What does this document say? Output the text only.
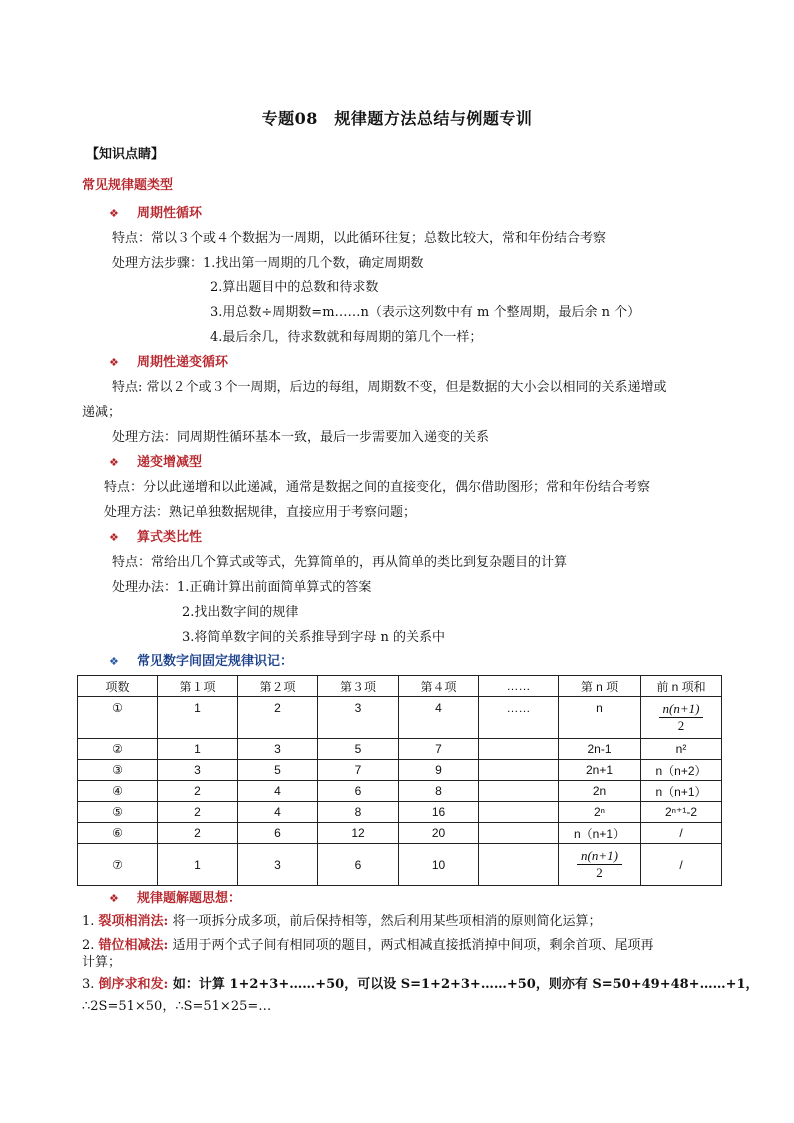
专题08　规律题方法总结与例题专训
【知识点睛】
常见规律题类型
❖ 周期性循环
特点：常以３个或４个数据为一周期，以此循环往复；总数比较大，常和年份结合考察
处理方法步骤：1.找出第一周期的几个数，确定周期数
2.算出题目中的总数和待求数
3.用总数÷周期数=m……n（表示这列数中有 m 个整周期，最后余 n 个）
4.最后余几，待求数就和每周期的第几个一样；
❖ 周期性递变循环
特点: 常以２个或３个一周期，后边的每组，周期数不变，但是数据的大小会以相同的关系递增或
递减；
处理方法：同周期性循环基本一致，最后一步需要加入递变的关系
❖ 递变增减型
特点：分以此递增和以此递减，通常是数据之间的直接变化，偶尔借助图形；常和年份结合考察
处理方法：熟记单独数据规律，直接应用于考察问题；
❖ 算式类比性
特点：常给出几个算式或等式，先算简单的，再从简单的类比到复杂题目的计算
处理办法：1.正确计算出前面简单算式的答案
2.找出数字间的规律
3.将简单数字间的关系推导到字母 n 的关系中
❖ 常见数字间固定规律识记：
项数	第１项	第２项	第３项	第４项	……	第 n 项	前 n 项和
①	1	2	3	4	……	n	$\frac{n(n+1)}{2}$

②	1	3	5	7		2n-1	n²
③	3	5	7	9		2n+1	n（n+2）
④	2	4	6	8		2n	n（n+1）
⑤	2	4	8	16		2ⁿ	2ⁿ⁺¹-2
⑥	2	6	12	20		n（n+1）	/
⑦	1	3	6	10		$\frac{n(n+1)}{2}$	/
❖ 规律题解题思想：
1. 裂项相消法: 将一项拆分成多项，前后保持相等，然后利用某些项相消的原则简化运算；
2. 错位相减法: 适用于两个式子间有相同项的题目，两式相减直接抵消掉中间项，剩余首项、尾项再
计算；
3. 倒序求和发: 如：计算 1+2+3+……+50，可以设 S=1+2+3+……+50，则亦有 S=50+49+48+……+1，
∴2S=51×50，∴S=51×25=…
